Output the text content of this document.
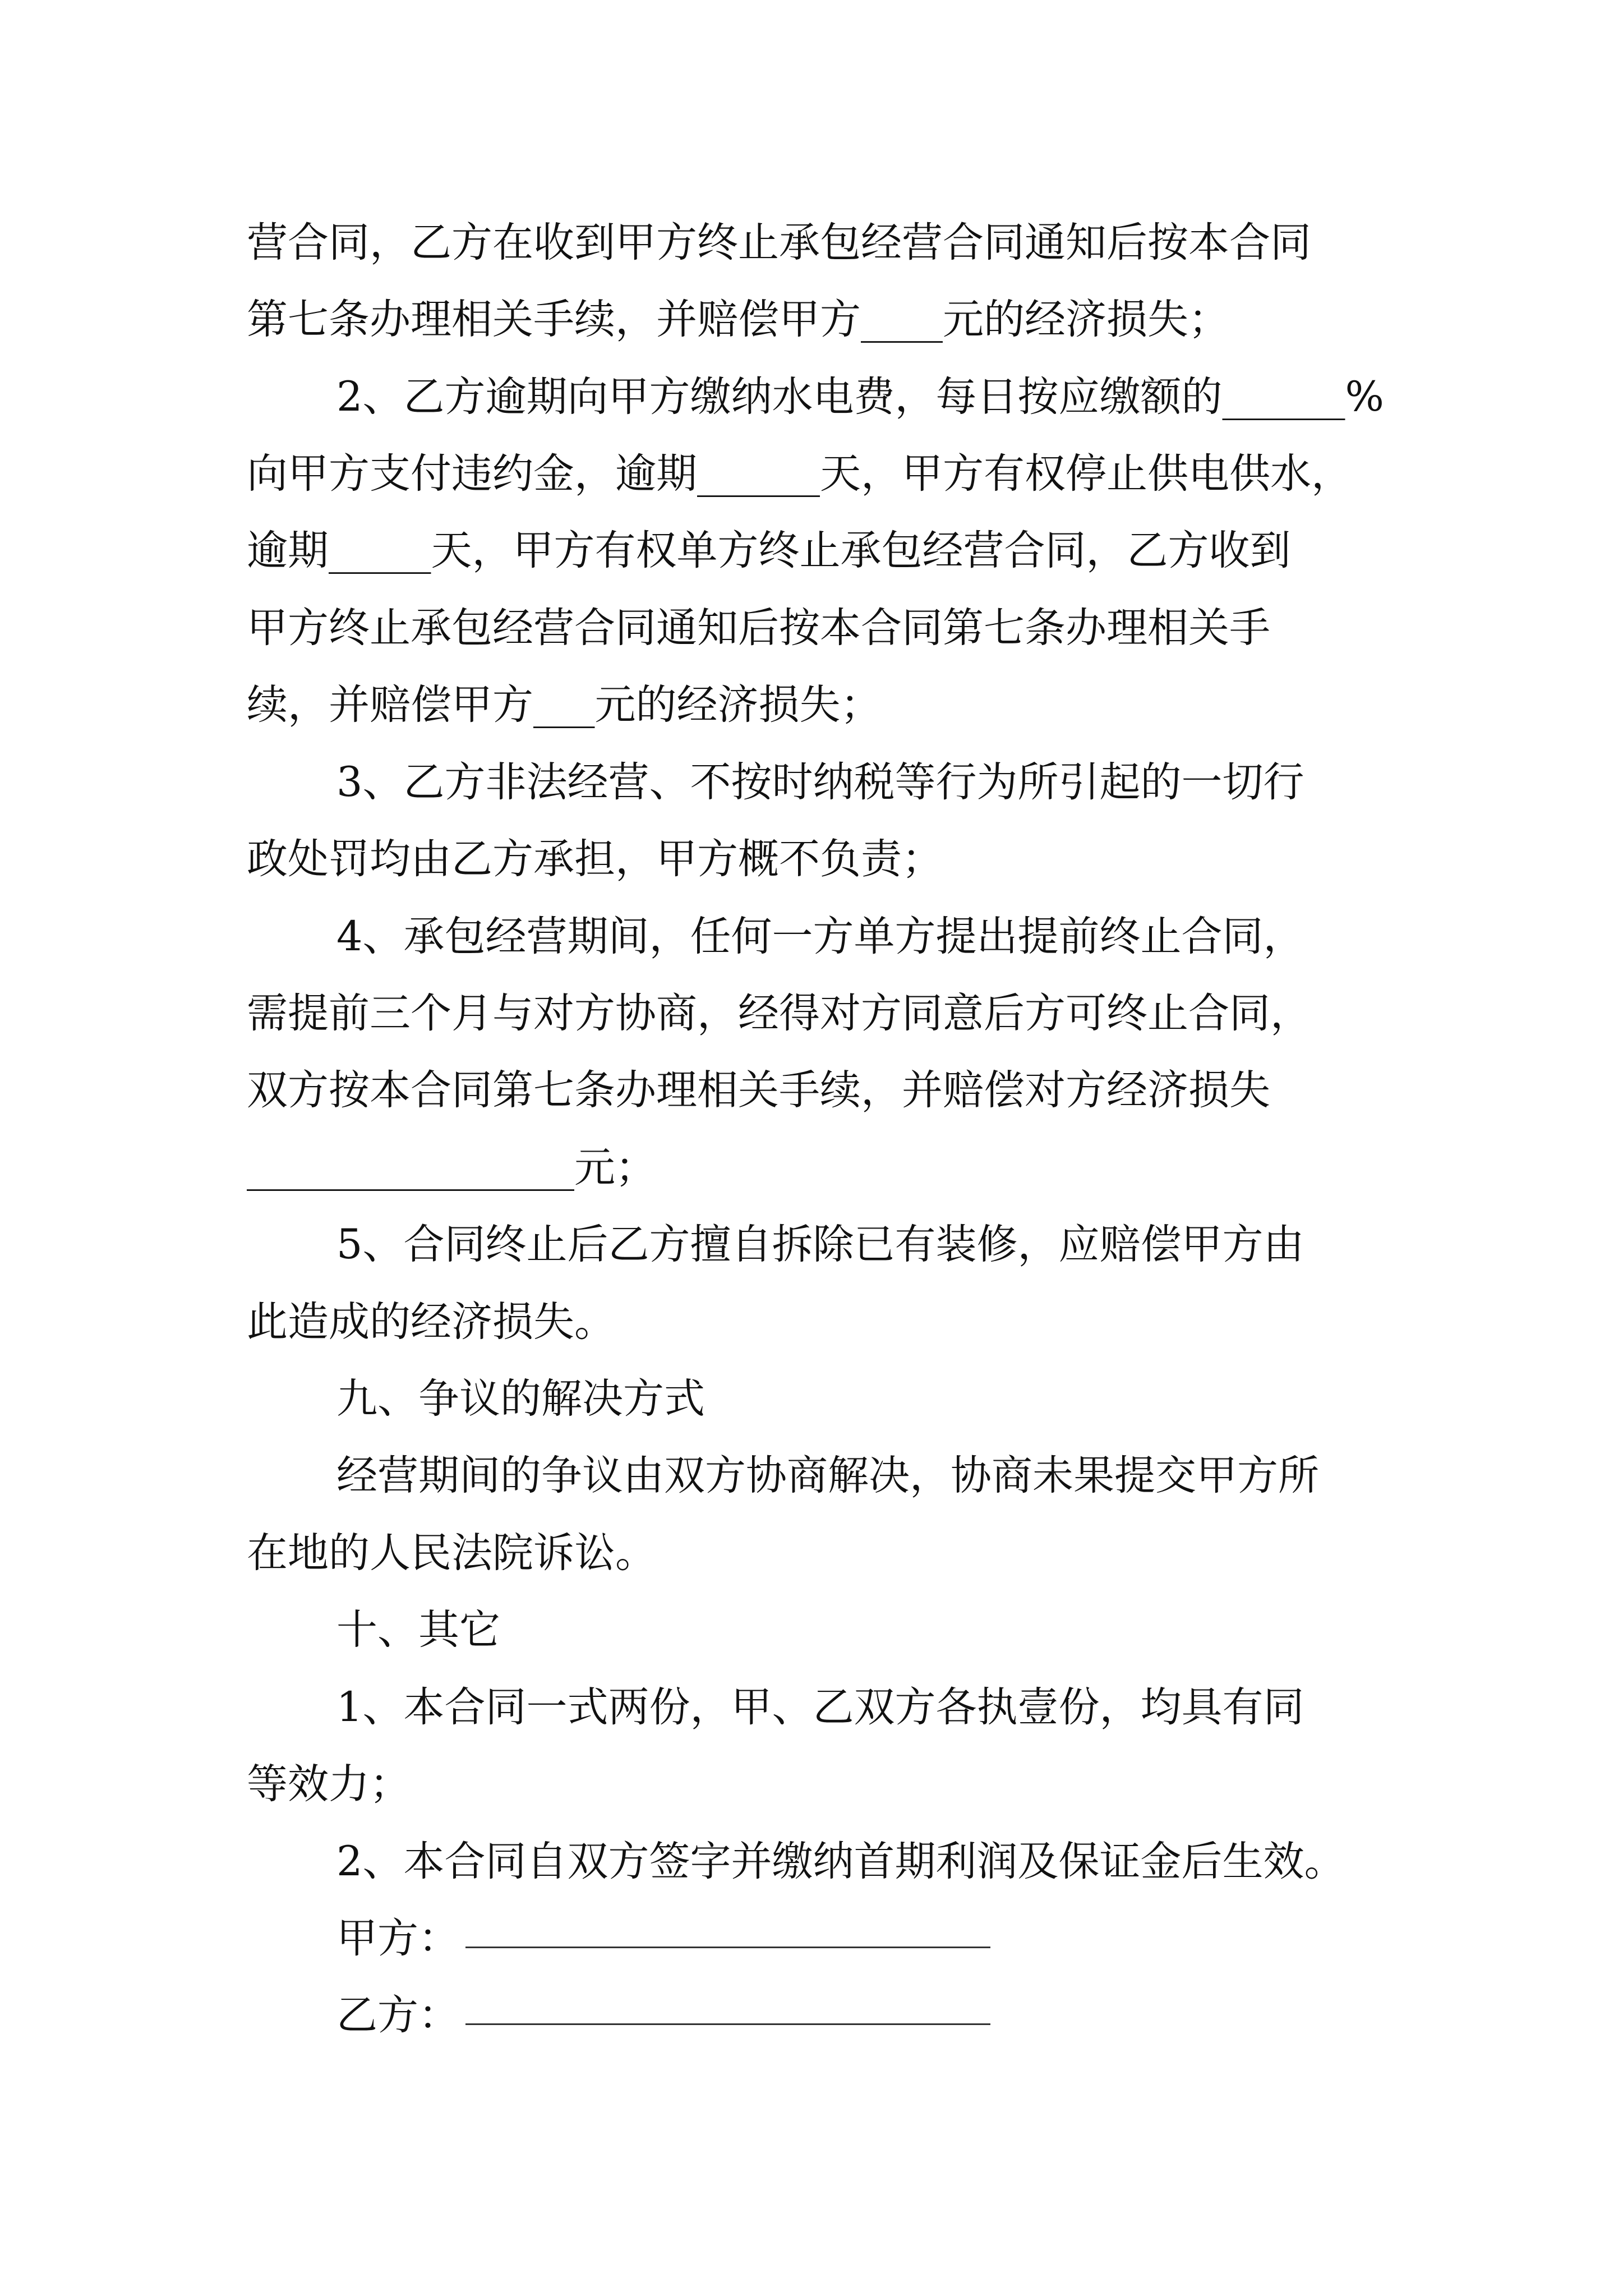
营合同，乙方在收到甲方终止承包经营合同通知后按本合同
第七条办理相关手续，并赔偿甲方____元的经济损失；
2、乙方逾期向甲方缴纳水电费，每日按应缴额的______%
向甲方支付违约金，逾期______天，甲方有权停止供电供水，
逾期_____天，甲方有权单方终止承包经营合同，乙方收到
甲方终止承包经营合同通知后按本合同第七条办理相关手
续，并赔偿甲方___元的经济损失；
3、乙方非法经营、不按时纳税等行为所引起的一切行
政处罚均由乙方承担，甲方概不负责；
4、承包经营期间，任何一方单方提出提前终止合同，
需提前三个月与对方协商，经得对方同意后方可终止合同，
双方按本合同第七条办理相关手续，并赔偿对方经济损失
________________元；
5、合同终止后乙方擅自拆除已有装修，应赔偿甲方由
此造成的经济损失。
九、争议的解决方式
经营期间的争议由双方协商解决，协商未果提交甲方所
在地的人民法院诉讼。
十、其它
1、本合同一式两份，甲、乙双方各执壹份，均具有同
等效力；
2、本合同自双方签字并缴纳首期利润及保证金后生效。
甲方：
乙方：
